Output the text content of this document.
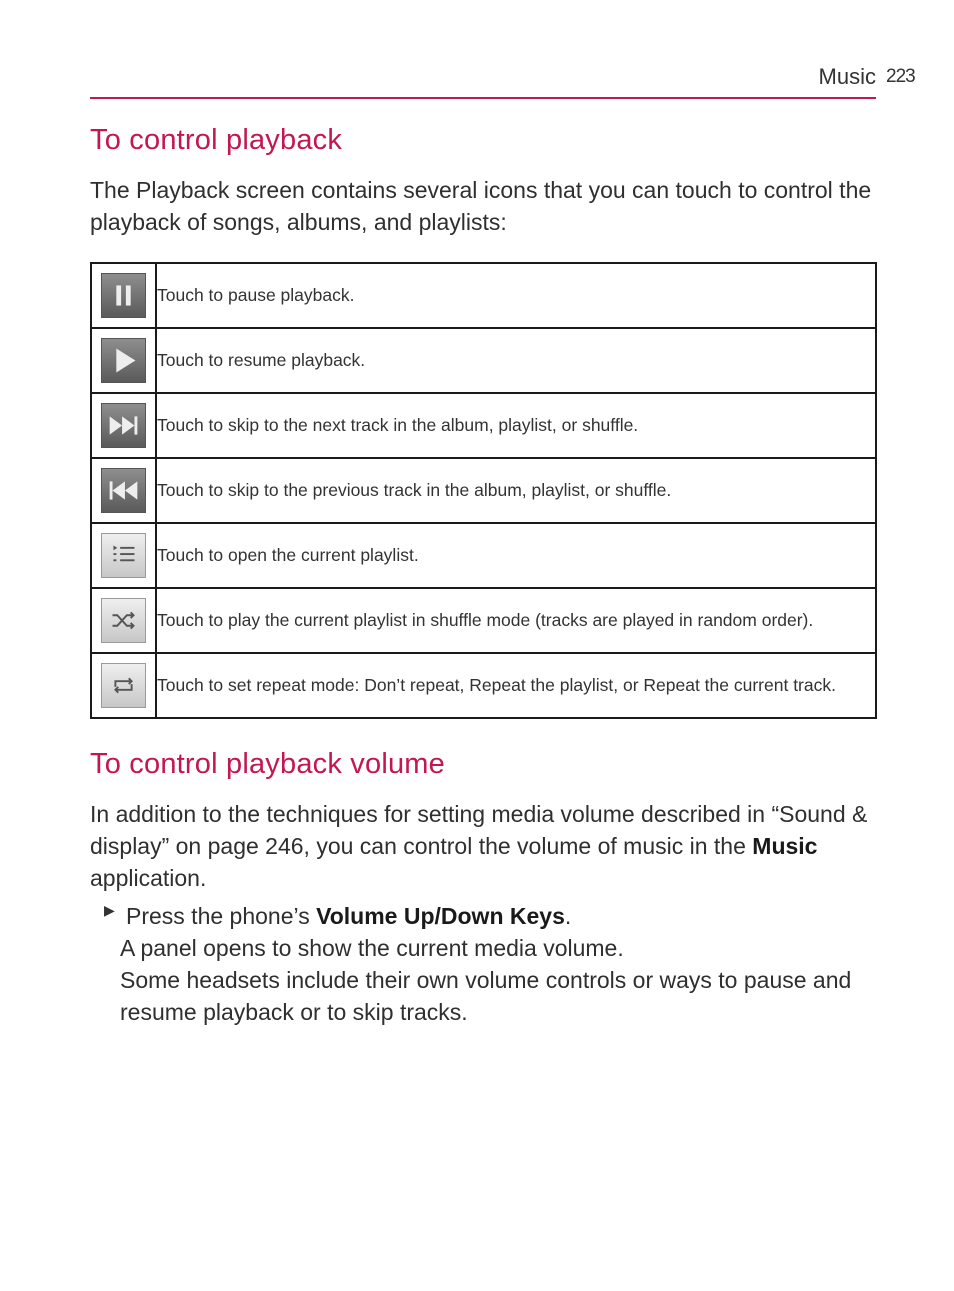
Music 223
To control playback
The Playback screen contains several icons that you can touch to control the playback of songs, albums, and playlists:
	Touch to pause playback.

	Touch to resume playback.

	Touch to skip to the next track in the album, playlist, or shuffle.

	Touch to skip to the previous track in the album, playlist, or shuffle.

	Touch to open the current playlist.

	Touch to play the current playlist in shuffle mode (tracks are played in random order).

	Touch to set repeat mode: Don’t repeat, Repeat the playlist, or Repeat the current track.
To control playback volume
In addition to the techniques for setting media volume described in “Sound & display” on page 246, you can control the volume of music in the Music application.
▶ Press the phone’s Volume Up/Down Keys.
A panel opens to show the current media volume.
Some headsets include their own volume controls or ways to pause and resume playback or to skip tracks.
